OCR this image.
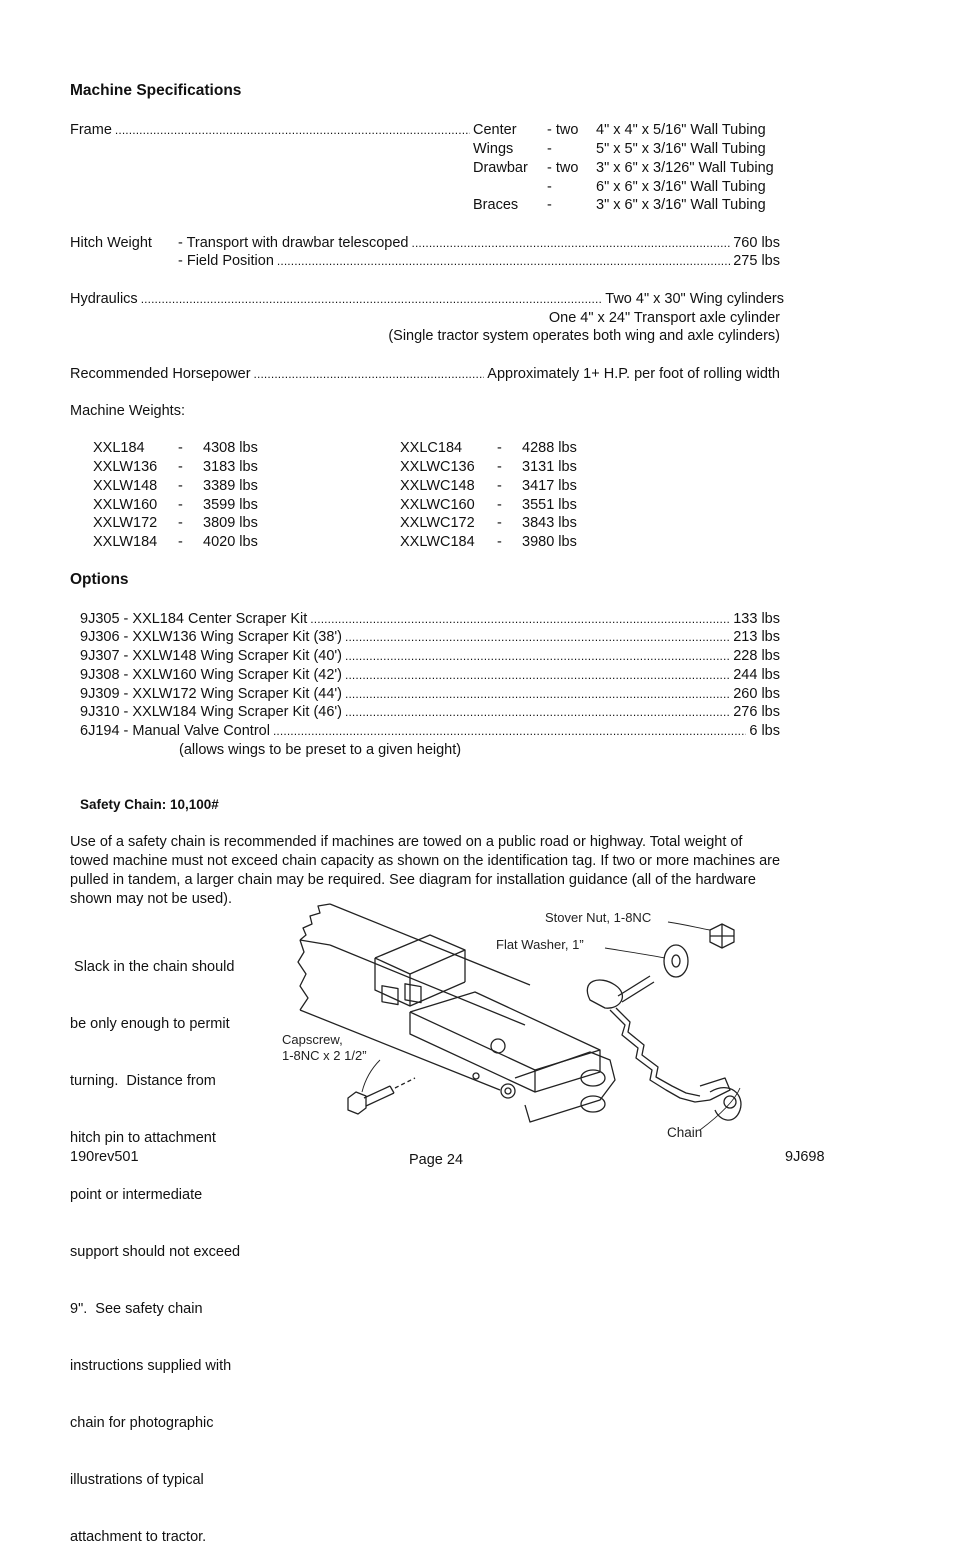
Machine Specifications
Frame . . .	Center - two 4" x 4" x 5/16" Wall Tubing
Wings -	5" x 5" x 3/16" Wall Tubing
Drawbar - two 3" x 6" x 3/126" Wall Tubing
-	6" x 6" x 3/16" Wall Tubing
Braces -	3" x 6" x 3/16" Wall Tubing
Hitch Weight - Transport with drawbar telescoped . . .	760 lbs
- Field Position . . .	275 lbs
Hydraulics . . .	Two 4" x 30" Wing cylinders
One 4" x 24" Transport axle cylinder
(Single tractor system operates both wing and axle cylinders)
Recommended Horsepower . . .	Approximately 1+ H.P. per foot of rolling width
Machine Weights:
XXL184 - 4308 lbs
XXLW136 - 3183 lbs
XXLW148 - 3389 lbs
XXLW160 - 3599 lbs
XXLW172 - 3809 lbs
XXLW184 - 4020 lbs
XXLC184 - 4288 lbs
XXLWC136 - 3131 lbs
XXLWC148 - 3417 lbs
XXLWC160 - 3551 lbs
XXLWC172 - 3843 lbs
XXLWC184 - 3980 lbs
Options
9J305 - XXL184 Center Scraper Kit . . .	133 lbs
9J306 - XXLW136 Wing Scraper Kit (38') . . .	213 lbs
9J307 - XXLW148 Wing Scraper Kit (40') . . .	228 lbs
9J308 - XXLW160 Wing Scraper Kit (42') . . .	244 lbs
9J309 - XXLW172 Wing Scraper Kit (44') . . .	260 lbs
9J310 - XXLW184 Wing Scraper Kit (46') . . .	276 lbs
6J194 - Manual Valve Control . . .	6 lbs
(allows wings to be preset to a given height)
Safety Chain: 10,100#
Use of a safety chain is recommended if machines are towed on a public road or highway. Total weight of
towed machine must not exceed chain capacity as shown on the identification tag. If two or more machines are
pulled in tandem, a larger chain may be required. See diagram for installation guidance (all of the hardware
shown may not be used).

Slack in the chain should

be only enough to permit

turning.  Distance from

hitch pin to attachment

point or intermediate

support should not exceed

9".  See safety chain

instructions supplied with

chain for photographic

illustrations of typical

attachment to tractor.

Stover Nut, 1-8NC
Flat Washer, 1”
Capscrew,
1-8NC x 2 1/2”
Chain
190rev501	Page 24	9J698
